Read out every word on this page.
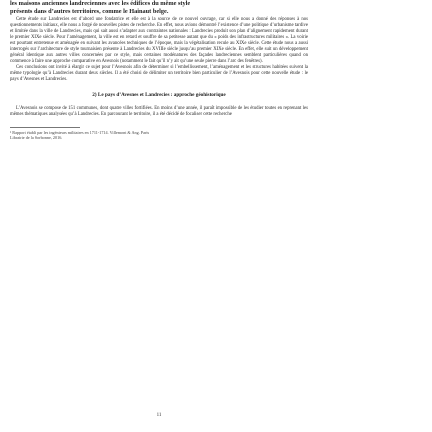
les maisons anciennes landreciennes avec les édifices du même style
présents dans d’autres territoires, comme le Hainaut belge.

Cette étude sur Landrecies est d’abord une fondatrice et elle est à la source de ce nouvel ouvrage, car si elle nous a donné des réponses à nos questionnements initiaux, elle nous a forgé de nouvelles pistes de recherche. En effet, nous avions démontré l’existence d’une politique d’urbanisme tardive et limitée dans la ville de Landrecies, mais qui sait aussi s’adapter aux contraintes nationales : Landrecies produit son plan d’alignement rapidement durant le premier XIXe siècle. Pour l’aménagement, la ville est en retard et souffre de sa petitesse autant que du « poids des infrastructures militaires ». La voirie est pourtant entretenue et aménagée en suivant les avancées techniques de l’époque, mais la végétalisation recule au XIXe siècle. Cette étude nous a aussi interrogés sur l’architecture de style tournaisien présente à Landrecies du XVIIIe siècle jusqu’au premier XIXe siècle. En effet, elle suit un développement général identique aux autres villes concernées par ce style, mais certaines modénatures des façades landreciennes semblent particulières quand on commence à faire une approche comparative en Avesnois (notamment le fait qu’il n’y ait qu’une seule pierre dans l’arc des fenêtres).

Ces conclusions ont invité à élargir ce sujet pour l’Avesnois afin de déterminer si l’embellissement, l’aménagement et les structures habitées suivent la même typologie qu’à Landrecies durant deux siècles. Il a été choisi de délimiter un territoire bien particulier de l’Avesnois pour cette nouvelle étude : le pays d’Avesnes et Landrecies.

2) Le pays d’Avesnes et Landrecies : approche géohistorique

L’Avesnois se compose de 151 communes, dont quatre villes fortifiées. En moins d’une année, il paraît impossible de les étudier toutes en reprenant les mêmes thématiques analysées qu’à Landrecies. En parcourant le territoire, il a été décidé de focaliser cette recherche

¹ Rapport établi par les ingénieurs militaires en 1711-1714. Villemont & Ang. Paris
Librairie de la Sorbonne, 2016.

11
